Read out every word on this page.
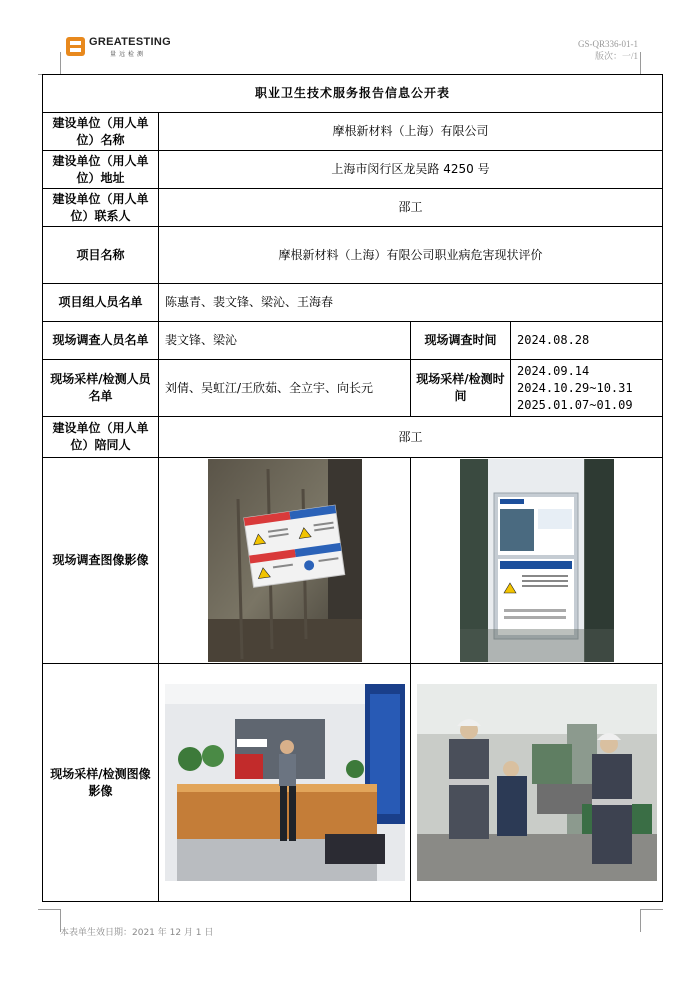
GREATESTING
量远检测
GS-QR336-01-1
版次：一/1
职业卫生技术服务报告信息公开表			
建设单位（用人单位）名称	摩根新材料（上海）有限公司		
建设单位（用人单位）地址	上海市闵行区龙吴路 4250 号		
建设单位（用人单位）联系人	邵工		
项目名称	摩根新材料（上海）有限公司职业病危害现状评价		
项目组人员名单	陈惠青、裴文锋、梁沁、王海春		
现场调查人员名单	裴文锋、梁沁	现场调查时间	2024.08.28
现场采样/检测人员名单	刘倩、吴虹江/王欣茹、全立宇、向长元	现场采样/检测时间	2024.09.14
2024.10.29~10.31
2025.01.07~01.09

建设单位（用人单位）陪同人	邵工		
现场调查图像影像	

现场采样/检测图像影像	

本表单生效日期：2021 年 12 月 1 日
